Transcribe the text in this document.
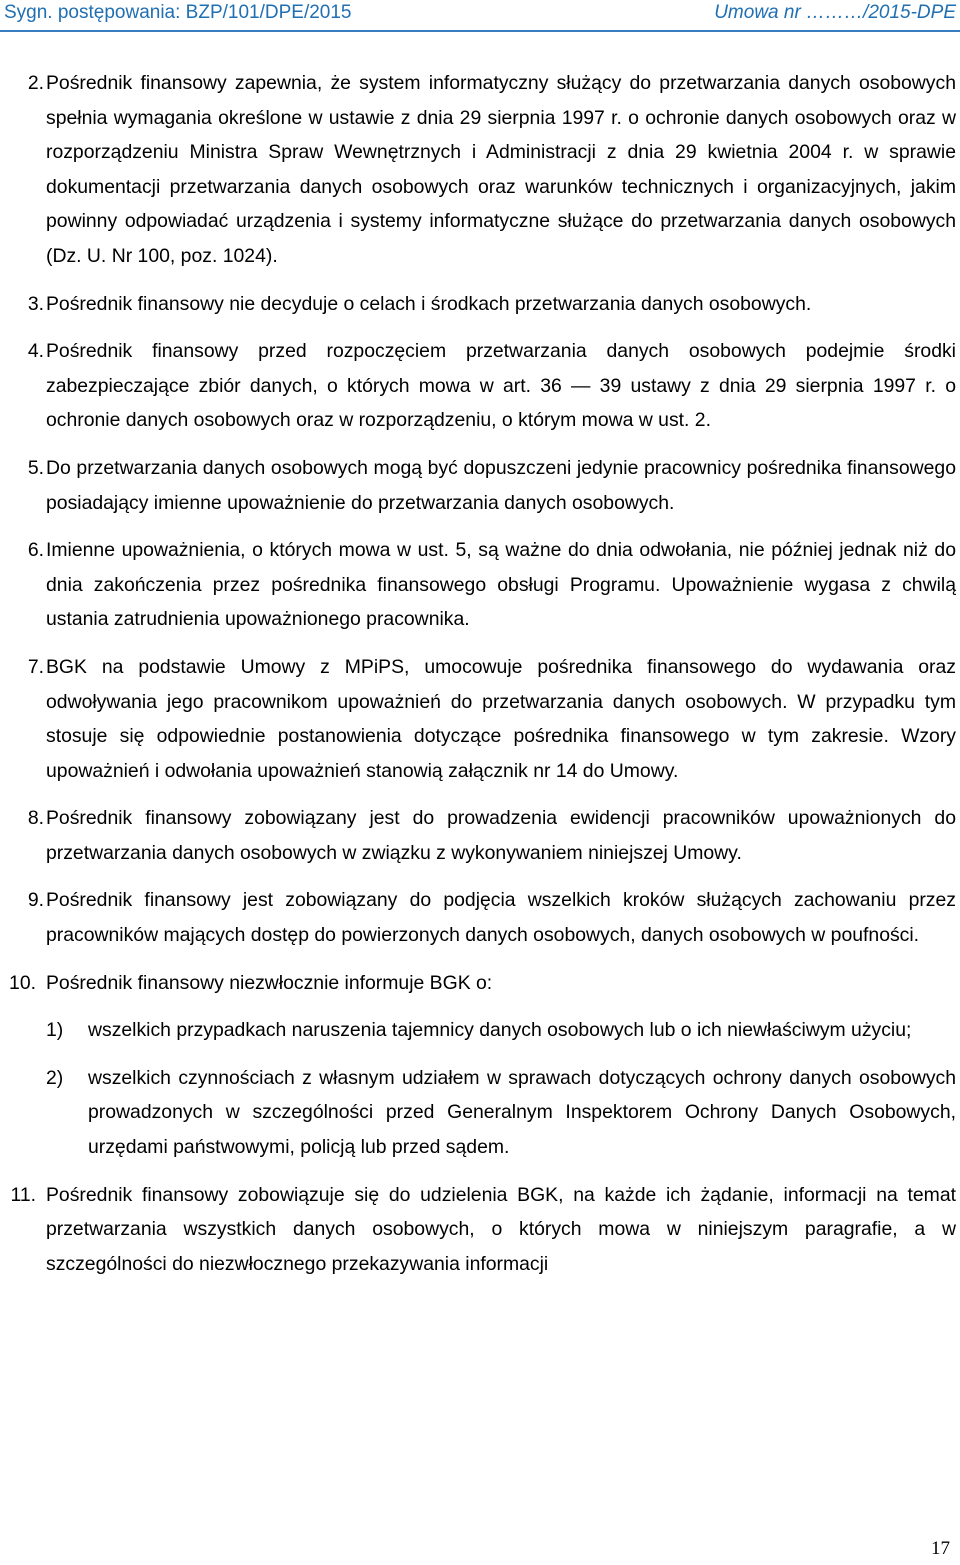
Sygn. postępowania: BZP/101/DPE/2015	Umowa nr ………/2015-DPE
2. Pośrednik finansowy zapewnia, że system informatyczny służący do przetwarzania danych osobowych spełnia wymagania określone w ustawie z dnia 29 sierpnia 1997 r. o ochronie danych osobowych oraz w rozporządzeniu Ministra Spraw Wewnętrznych i Administracji z dnia 29 kwietnia 2004 r. w sprawie dokumentacji przetwarzania danych osobowych oraz warunków technicznych i organizacyjnych, jakim powinny odpowiadać urządzenia i systemy informatyczne służące do przetwarzania danych osobowych (Dz. U. Nr 100, poz. 1024).
3. Pośrednik finansowy nie decyduje o celach i środkach przetwarzania danych osobowych.
4. Pośrednik finansowy przed rozpoczęciem przetwarzania danych osobowych podejmie środki zabezpieczające zbiór danych, o których mowa w art. 36 ― 39 ustawy z dnia 29 sierpnia 1997 r. o ochronie danych osobowych oraz w rozporządzeniu, o którym mowa w ust. 2.
5. Do przetwarzania danych osobowych mogą być dopuszczeni jedynie pracownicy pośrednika finansowego posiadający imienne upoważnienie do przetwarzania danych osobowych.
6. Imienne upoważnienia, o których mowa w ust. 5, są ważne do dnia odwołania, nie później jednak niż do dnia zakończenia przez pośrednika finansowego obsługi Programu. Upoważnienie wygasa z chwilą ustania zatrudnienia upoważnionego pracownika.
7. BGK na podstawie Umowy z MPiPS, umocowuje pośrednika finansowego do wydawania oraz odwoływania jego pracownikom upoważnień do przetwarzania danych osobowych. W przypadku tym stosuje się odpowiednie postanowienia dotyczące pośrednika finansowego w tym zakresie. Wzory upoważnień i odwołania upoważnień stanowią załącznik nr 14 do Umowy.
8. Pośrednik finansowy zobowiązany jest do prowadzenia ewidencji pracowników upoważnionych do przetwarzania danych osobowych w związku z wykonywaniem niniejszej Umowy.
9. Pośrednik finansowy jest zobowiązany do podjęcia wszelkich kroków służących zachowaniu przez pracowników mających dostęp do powierzonych danych osobowych, danych osobowych w poufności.
10. Pośrednik finansowy niezwłocznie informuje BGK o:
1)	wszelkich przypadkach naruszenia tajemnicy danych osobowych lub o ich niewłaściwym użyciu;
2)	wszelkich czynnościach z własnym udziałem w sprawach dotyczących ochrony danych osobowych prowadzonych w szczególności przed Generalnym Inspektorem Ochrony Danych Osobowych, urzędami państwowymi, policją lub przed sądem.
11. Pośrednik finansowy zobowiązuje się do udzielenia BGK, na każde ich żądanie, informacji na temat przetwarzania wszystkich danych osobowych, o których mowa w niniejszym paragrafie, a w szczególności do niezwłocznego przekazywania informacji
17
